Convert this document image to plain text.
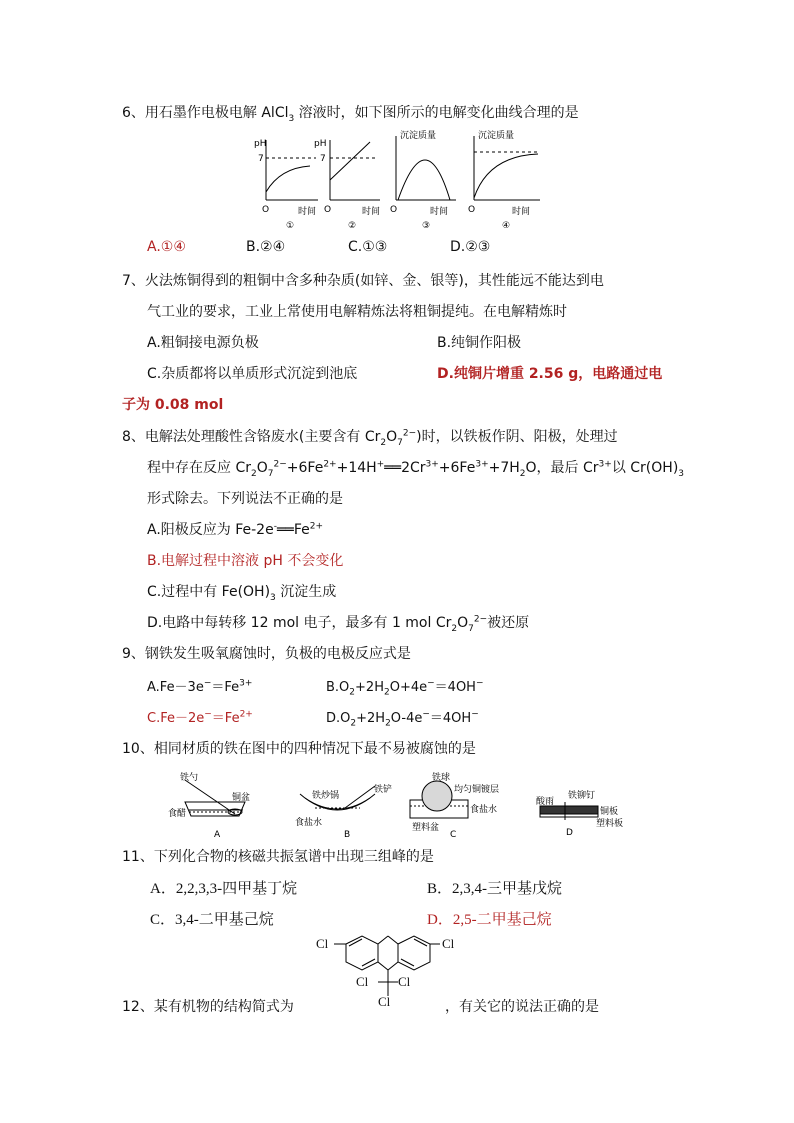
6、用石墨作电极电解 AlCl$_3$ 溶液时，如下图所示的电解变化曲线合理的是
pH
7
O	时间
①
pH
7
O	时间
②
沉淀质量
O	时间
③
沉淀质量
O	时间
④
A.①④	B.②④	C.①③	D.②③
7、火法炼铜得到的粗铜中含多种杂质(如锌、金、银等)，其性能远不能达到电
气工业的要求，工业上常使用电解精炼法将粗铜提纯。在电解精炼时
A.粗铜接电源负极	B.纯铜作阳极
C.杂质都将以单质形式沉淀到池底	D.纯铜片增重 2.56 g，电路通过电
子为 0.08 mol
8、电解法处理酸性含铬废水(主要含有 $Cr_2O_7^{2-}$)时，以铁板作阴、阳极，处理过
程中存在反应 $Cr_2O_7^{2-}+6Fe^{2+}+14H^+══2Cr^{3+}+6Fe^{3+}+7H_2O$，最后 $Cr^{3+}$以 $Cr(OH)_3$
形式除去。下列说法不正确的是
A.阳极反应为 $Fe-2e^-══Fe^{2+}$
B.电解过程中溶液 pH 不会变化
C.过程中有 $Fe(OH)_3$ 沉淀生成
D.电路中每转移 12 mol 电子，最多有 1 mol $Cr_2O_7^{2-}$被还原
9、钢铁发生吸氧腐蚀时，负极的电极反应式是
$A.Fe-3e^-=Fe^{3+}$	$B.O_2+2H_2O+4e^-=4OH^-$
$C.Fe-2e^-=Fe^{2+}$	$D.O_2+2H_2O-4e^-=4OH^-$
10、相同材质的铁在图中的四种情况下最不易被腐蚀的是
铁勺
铜盆
食醋
A
铁炒锅
铁铲
食盐水
B
铁球
均匀铜镀层
食盐水
塑料盆
C
酸雨
铁铆钉
铜板
塑料板
D
11、下列化合物的核磁共振氢谱中出现三组峰的是
A．2,2,3,3-四甲基丁烷	B．2,3,4-三甲基戊烷
C．3,4-二甲基己烷	D．2,5-二甲基己烷
Cl	Cl
Cl Cl
Cl
12、某有机物的结构简式为	，有关它的说法正确的是
